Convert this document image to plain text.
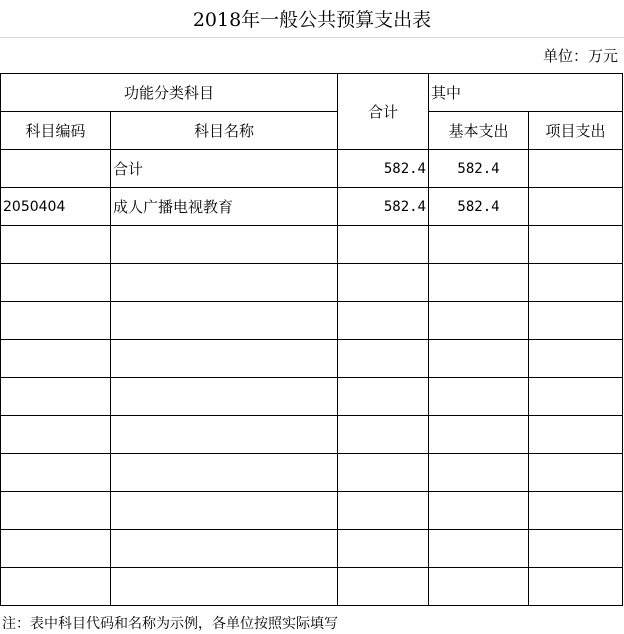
2018年一般公共预算支出表
单位：万元
功能分类科目		合计	其中	
科目编码	科目名称		基本支出	项目支出
	合计	582.4	582.4	
2050404	成人广播电视教育	582.4	582.4	

注：表中科目代码和名称为示例，各单位按照实际填写
